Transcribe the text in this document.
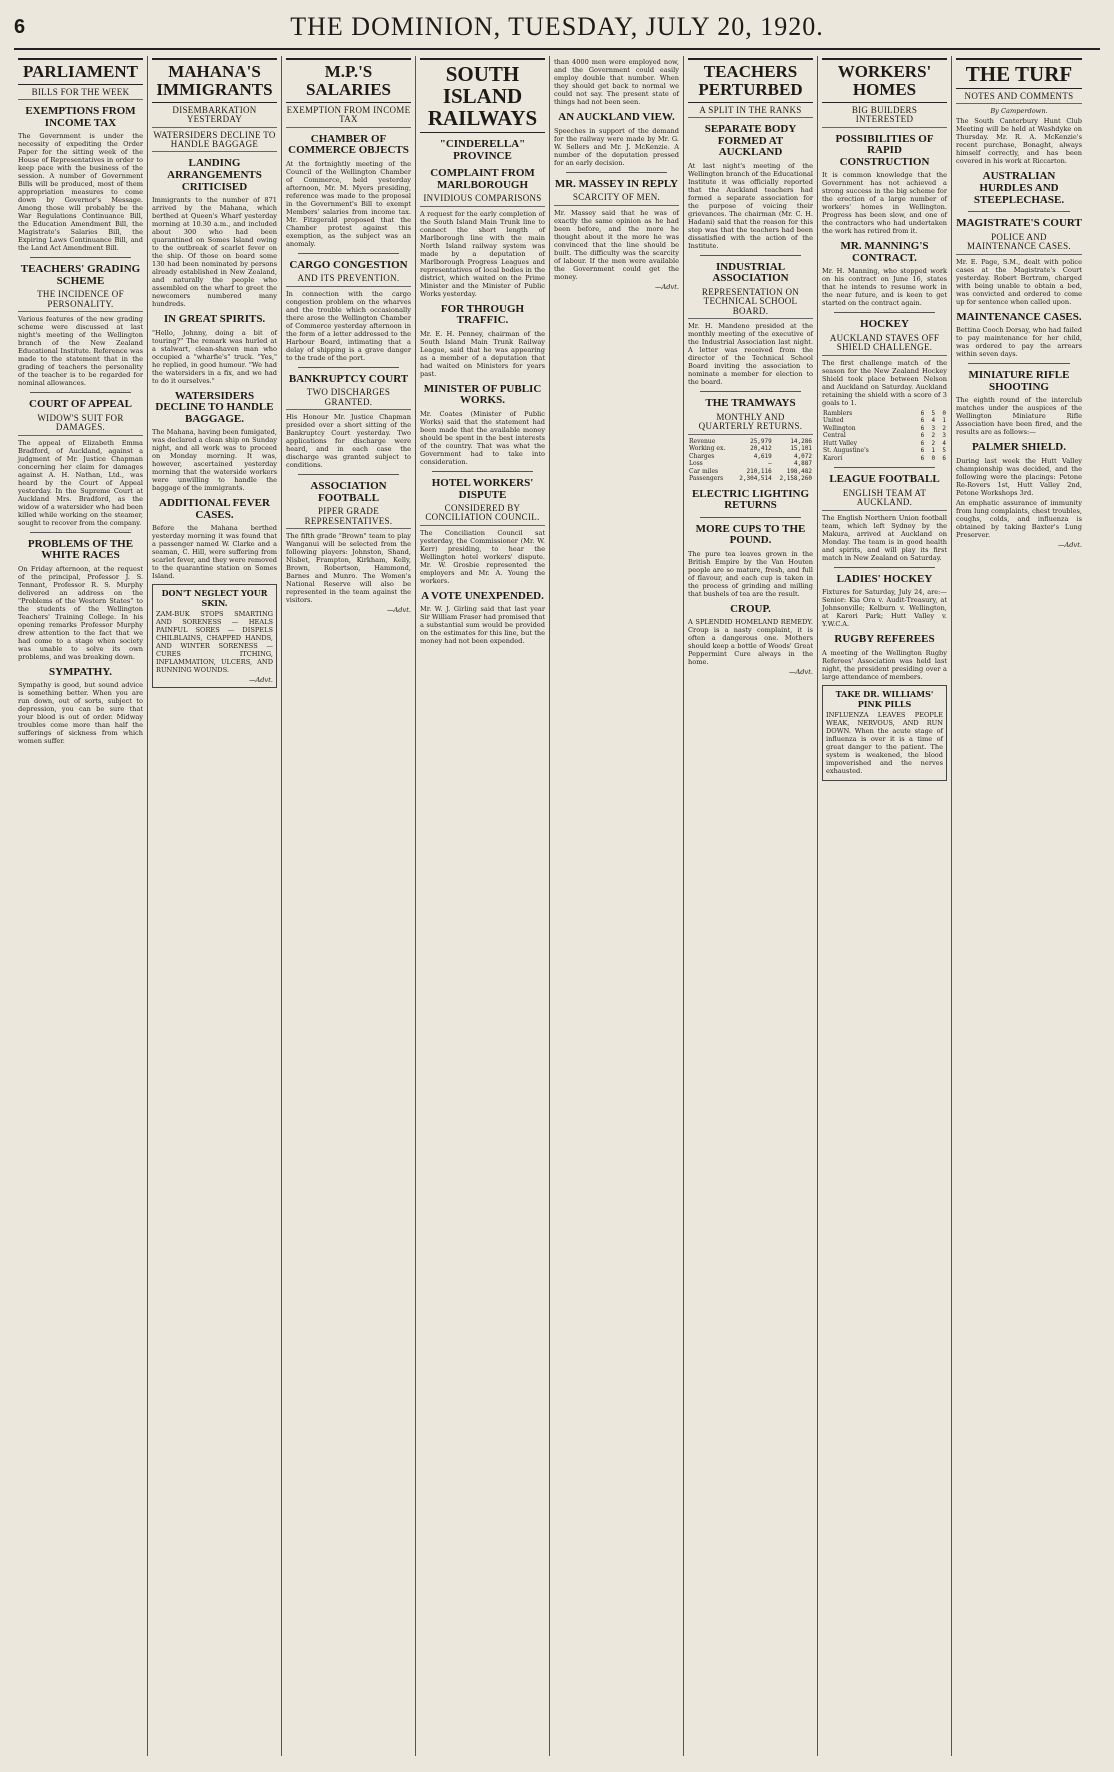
6	THE DOMINION, TUESDAY, JULY 20, 1920.
PARLIAMENT
BILLS FOR THE WEEK
EXEMPTIONS FROM INCOME TAX

The Government is under the necessity of expediting the Order Paper for the sitting week of the House of Representatives in order to keep pace with the business of the session. A number of Government Bills will be produced, most of them appropriation measures to come down by Governor's Message. Among those will probably be the War Regulations Continuance Bill, the Education Amendment Bill, the Magistrate's Salaries Bill, the Expiring Laws Continuance Bill, and the Land Act Amendment Bill.

TEACHERS' GRADING SCHEME
THE INCIDENCE OF PERSONALITY.

Various features of the new grading scheme were discussed at last night's meeting of the Wellington branch of the New Zealand Educational Institute. Reference was made to the statement that in the grading of teachers the personality of the teacher is to be regarded for nominal allowances.

COURT OF APPEAL
WIDOW'S SUIT FOR DAMAGES.

The appeal of Elizabeth Emma Bradford, of Auckland, against a judgment of Mr. Justice Chapman concerning her claim for damages against A. H. Nathan, Ltd., was heard by the Court of Appeal yesterday. In the Supreme Court at Auckland Mrs. Bradford, as the widow of a watersider who had been killed while working on the steamer, sought to recover from the company.

PROBLEMS OF THE WHITE RACES

On Friday afternoon, at the request of the principal, Professor J. S. Tennant, Professor R. S. Murphy delivered an address on the "Problems of the Western States" to the students of the Wellington Teachers' Training College. In his opening remarks Professor Murphy drew attention to the fact that we had come to a stage when society was unable to solve its own problems, and was breaking down.

SYMPATHY.

Sympathy is good, but sound advice is something better. When you are run down, out of sorts, subject to depression, you can be sure that your blood is out of order. Midway troubles come more than half the sufferings of sickness from which women suffer.

MAHANA'S IMMIGRANTS
DISEMBARKATION YESTERDAY
WATERSIDERS DECLINE TO HANDLE BAGGAGE
LANDING ARRANGEMENTS CRITICISED

Immigrants to the number of 871 arrived by the Mahana, which berthed at Queen's Wharf yesterday morning at 10.30 a.m., and included about 300 who had been quarantined on Somes Island owing to the outbreak of scarlet fever on the ship. Of those on board some 130 had been nominated by persons already established in New Zealand, and naturally the people who assembled on the wharf to greet the newcomers numbered many hundreds.

IN GREAT SPIRITS.

"Hello, Johnny, doing a bit of touring?" The remark was hurled at a stalwart, clean-shaven man who occupied a "wharfie's" truck. "Yes," he replied, in good humour. "We had the watersiders in a fix, and we had to do it ourselves."

WATERSIDERS DECLINE TO HANDLE BAGGAGE.

The Mahana, having been fumigated, was declared a clean ship on Sunday night, and all work was to proceed on Monday morning. It was, however, ascertained yesterday morning that the waterside workers were unwilling to handle the baggage of the immigrants.

ADDITIONAL FEVER CASES.

Before the Mahana berthed yesterday morning it was found that a passenger named W. Clarke and a seaman, C. Hill, were suffering from scarlet fever, and they were removed to the quarantine station on Somes Island.

DON'T NEGLECT YOUR SKIN.

ZAM-BUK STOPS SMARTING AND SORENESS — HEALS PAINFUL SORES — DISPELS CHILBLAINS, CHAPPED HANDS, AND WINTER SORENESS — CURES ITCHING, INFLAMMATION, ULCERS, AND RUNNING WOUNDS.

—Advt.
M.P.'S SALARIES
EXEMPTION FROM INCOME TAX
CHAMBER OF COMMERCE OBJECTS

At the fortnightly meeting of the Council of the Wellington Chamber of Commerce, held yesterday afternoon, Mr. M. Myers presiding, reference was made to the proposal in the Government's Bill to exempt Members' salaries from income tax. Mr. Fitzgerald proposed that the Chamber protest against this exemption, as the subject was an anomaly.

CARGO CONGESTION
AND ITS PREVENTION.

In connection with the cargo congestion problem on the wharves and the trouble which occasionally there arose the Wellington Chamber of Commerce yesterday afternoon in the form of a letter addressed to the Harbour Board, intimating that a delay of shipping is a grave danger to the trade of the port.

BANKRUPTCY COURT
TWO DISCHARGES GRANTED.

His Honour Mr. Justice Chapman presided over a short sitting of the Bankruptcy Court yesterday. Two applications for discharge were heard, and in each case the discharge was granted subject to conditions.

ASSOCIATION FOOTBALL
PIPER GRADE REPRESENTATIVES.

The fifth grade "Brown" team to play Wanganui will be selected from the following players: Johnston, Shand, Nisbet, Frampton, Kirkham, Kelly, Brown, Robertson, Hammond, Barnes and Munro. The Women's National Reserve will also be represented in the team against the visitors.

—Advt.
SOUTH ISLAND RAILWAYS
"CINDERELLA" PROVINCE
COMPLAINT FROM MARLBOROUGH
INVIDIOUS COMPARISONS

A request for the early completion of the South Island Main Trunk line to connect the short length of Marlborough line with the main North Island railway system was made by a deputation of Marlborough Progress Leagues and representatives of local bodies in the district, which waited on the Prime Minister and the Minister of Public Works yesterday.

FOR THROUGH TRAFFIC.

Mr. E. H. Penney, chairman of the South Island Main Trunk Railway League, said that he was appearing as a member of a deputation that had waited on Ministers for years past.

MINISTER OF PUBLIC WORKS.

Mr. Coates (Minister of Public Works) said that the statement had been made that the available money should be spent in the best interests of the country. That was what the Government had to take into consideration.

HOTEL WORKERS' DISPUTE
CONSIDERED BY CONCILIATION COUNCIL.

The Conciliation Council sat yesterday, the Commissioner (Mr. W. Kerr) presiding, to hear the Wellington hotel workers' dispute. Mr. W. Grosbie represented the employers and Mr. A. Young the workers.

A VOTE UNEXPENDED.

Mr. W. J. Girling said that last year Sir William Fraser had promised that a substantial sum would be provided on the estimates for this line, but the money had not been expended.

than 4000 men were employed now, and the Government could easily employ double that number. When they should get back to normal we could not say. The present state of things had not been seen.

AN AUCKLAND VIEW.

Speeches in support of the demand for the railway were made by Mr. G. W. Sellers and Mr. J. McKenzie. A number of the deputation pressed for an early decision.

MR. MASSEY IN REPLY
SCARCITY OF MEN.

Mr. Massey said that he was of exactly the same opinion as he had been before, and the more he thought about it the more he was convinced that the line should be built. The difficulty was the scarcity of labour. If the men were available the Government could get the money.

—Advt.
TEACHERS PERTURBED
A SPLIT IN THE RANKS
SEPARATE BODY FORMED AT AUCKLAND

At last night's meeting of the Wellington branch of the Educational Institute it was officially reported that the Auckland teachers had formed a separate association for the purpose of voicing their grievances. The chairman (Mr. C. H. Hadani) said that the reason for this step was that the teachers had been dissatisfied with the action of the Institute.

INDUSTRIAL ASSOCIATION
REPRESENTATION ON TECHNICAL SCHOOL BOARD.

Mr. H. Mandeno presided at the monthly meeting of the executive of the Industrial Association last night. A letter was received from the director of the Technical School Board inviting the association to nominate a member for election to the board.

THE TRAMWAYS
MONTHLY AND QUARTERLY RETURNS.
Revenue	25,979	14,286
Working ex.	20,412	15,101
Charges	4,619	4,072
Loss	—	4,887
Car miles	210,116	198,482
Passengers	2,304,514	2,158,260
ELECTRIC LIGHTING RETURNS
MORE CUPS TO THE POUND.

The pure tea leaves grown in the British Empire by the Van Houten people are so mature, fresh, and full of flavour, and each cup is taken in the process of grinding and milling that bushels of tea are the result.

CROUP.

A SPLENDID HOMELAND REMEDY. Croup is a nasty complaint, it is often a dangerous one. Mothers should keep a bottle of Woods' Great Peppermint Cure always in the home.

—Advt.
WORKERS' HOMES
BIG BUILDERS INTERESTED
POSSIBILITIES OF RAPID CONSTRUCTION

It is common knowledge that the Government has not achieved a strong success in the big scheme for the erection of a large number of workers' homes in Wellington. Progress has been slow, and one of the contractors who had undertaken the work has retired from it.

MR. MANNING'S CONTRACT.

Mr. H. Manning, who stopped work on his contract on June 16, states that he intends to resume work in the near future, and is keen to get started on the contract again.

HOCKEY
AUCKLAND STAVES OFF SHIELD CHALLENGE.

The first challenge match of the season for the New Zealand Hockey Shield took place between Nelson and Auckland on Saturday. Auckland retaining the shield with a score of 3 goals to 1.

Ramblers	6	5	0
United	6	4	1
Wellington	6	3	2
Central	6	2	3
Hutt Valley	6	2	4
St. Augustine's	6	1	5
Karori	6	0	6
LEAGUE FOOTBALL
ENGLISH TEAM AT AUCKLAND.

The English Northern Union football team, which left Sydney by the Makura, arrived at Auckland on Monday. The team is in good health and spirits, and will play its first match in New Zealand on Saturday.

LADIES' HOCKEY

Fixtures for Saturday, July 24, are:—Senior: Kia Ora v. Audit-Treasury, at Johnsonville; Kelburn v. Wellington, at Karori Park; Hutt Valley v. Y.W.C.A.

RUGBY REFEREES

A meeting of the Wellington Rugby Referees' Association was held last night, the president presiding over a large attendance of members.

TAKE DR. WILLIAMS' PINK PILLS

INFLUENZA LEAVES PEOPLE WEAK, NERVOUS, AND RUN DOWN. When the acute stage of influenza is over it is a time of great danger to the patient. The system is weakened, the blood impoverished and the nerves exhausted.

THE TURF
NOTES AND COMMENTS
By Camperdown.

The South Canterbury Hunt Club Meeting will be held at Washdyke on Thursday. Mr. R. A. McKenzie's recent purchase, Bonaght, always himself correctly, and has been covered in his work at Riccarton.

AUSTRALIAN HURDLES AND STEEPLECHASE.
MAGISTRATE'S COURT
POLICE AND MAINTENANCE CASES.

Mr. E. Page, S.M., dealt with police cases at the Magistrate's Court yesterday. Robert Bertram, charged with being unable to obtain a bed, was convicted and ordered to come up for sentence when called upon.

MAINTENANCE CASES.

Bettina Cooch Dorsay, who had failed to pay maintenance for her child, was ordered to pay the arrears within seven days.

MINIATURE RIFLE SHOOTING

The eighth round of the interclub matches under the auspices of the Wellington Miniature Rifle Association have been fired, and the results are as follows:—

PALMER SHIELD.

During last week the Hutt Valley championship was decided, and the following were the placings: Petone Re-Rovers 1st, Hutt Valley 2nd, Petone Workshops 3rd.

An emphatic assurance of immunity from lung complaints, chest troubles, coughs, colds, and influenza is obtained by taking Baxter's Lung Preserver.

—Advt.
